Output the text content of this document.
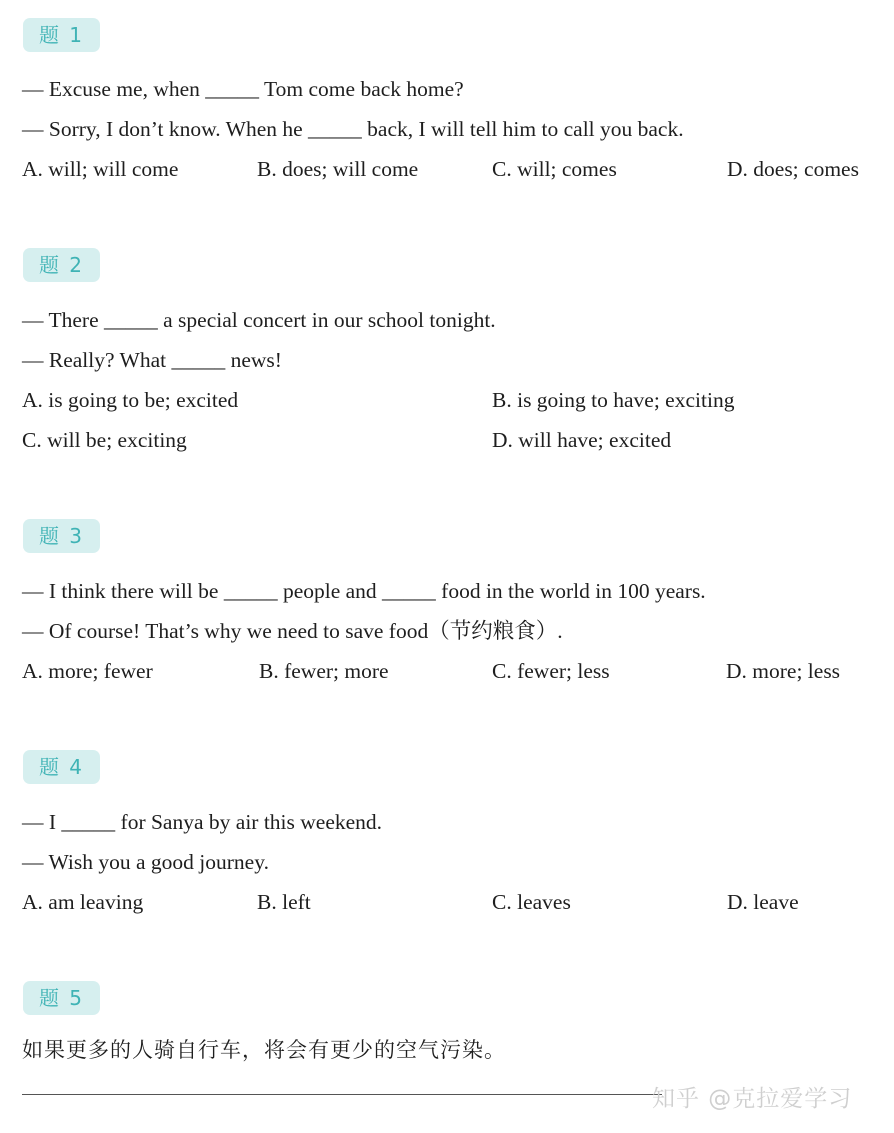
题 1
— Excuse me, when _____ Tom come back home?
— Sorry, I don’t know. When he _____ back, I will tell him to call you back.
A. will; will come	B. does; will come	C. will; comes	D. does; comes
题 2
— There _____ a special concert in our school tonight.
— Really? What _____ news!
A. is going to be; excited	B. is going to have; exciting
C. will be; exciting	D. will have; excited
题 3
— I think there will be _____ people and _____ food in the world in 100 years.
— Of course! That’s why we need to save food（节约粮食）.
A. more; fewer	B. fewer; more	C. fewer; less	D. more; less
题 4
— I _____ for Sanya by air this weekend.
— Wish you a good journey.
A. am leaving	B. left	C. leaves	D. leave
题 5
如果更多的人骑自行车，将会有更少的空气污染。
知乎 @克拉爱学习
